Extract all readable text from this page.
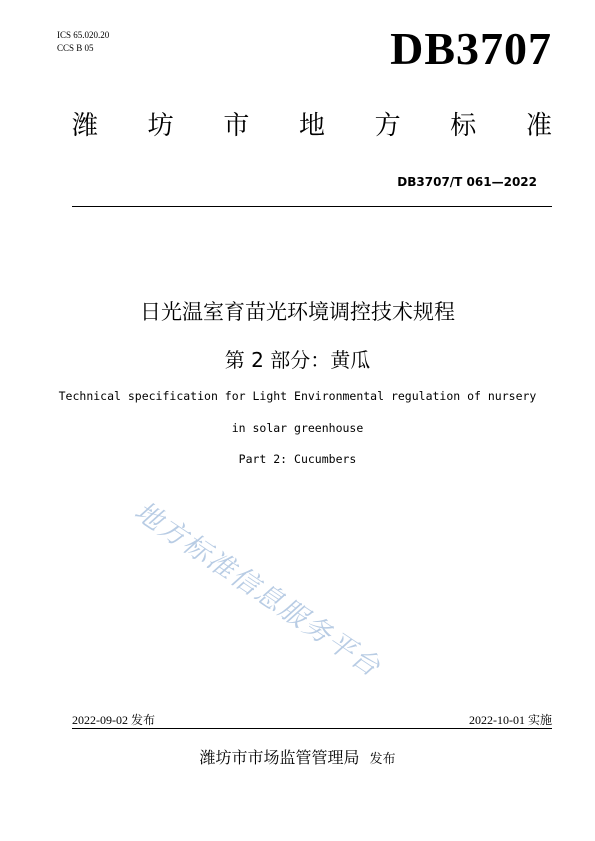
ICS 65.020.20
CCS B 05	DB3707
潍 坊 市 地 方 标 准
DB3707/T 061—2022
日光温室育苗光环境调控技术规程
第 2 部分：黄瓜
Technical specification for Light Environmental regulation of nursery
in solar greenhouse
Part 2: Cucumbers
地方标准信息服务平台
2022-09-02 发布	2022-10-01 实施
潍坊市市场监管管理局 发布
